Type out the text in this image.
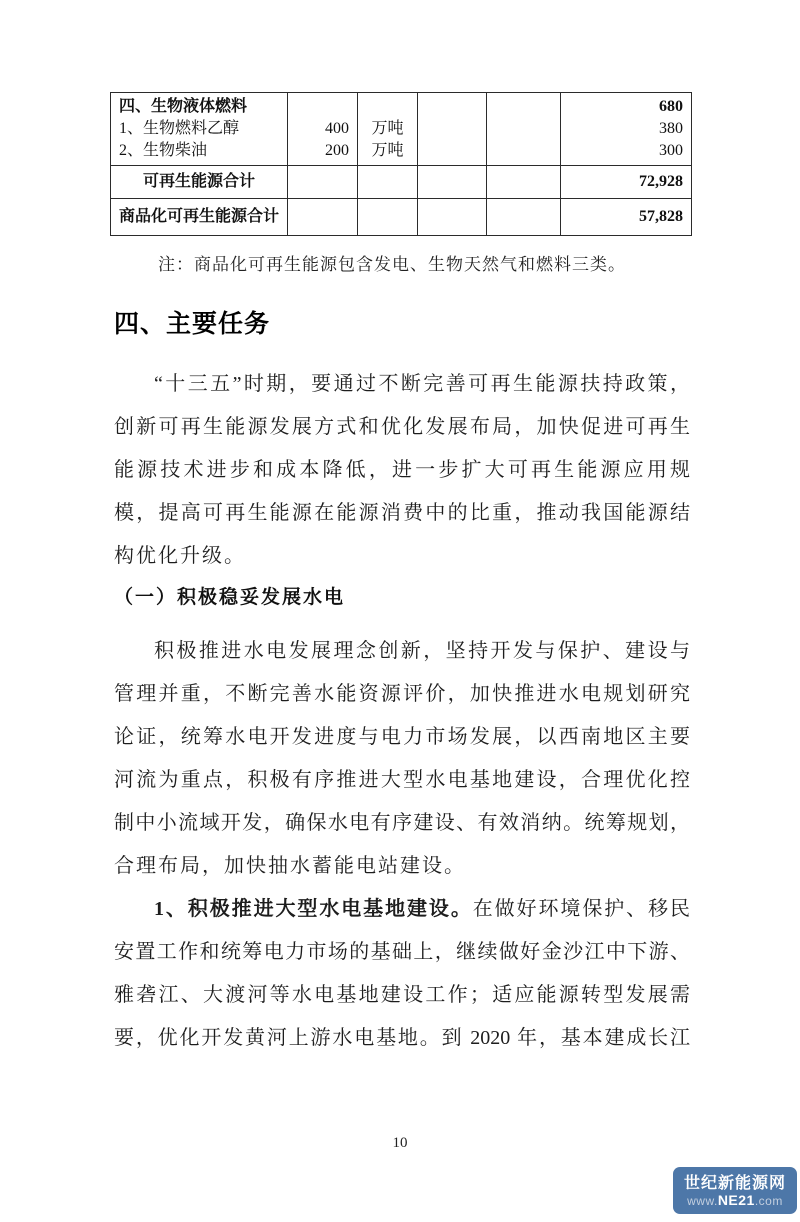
四、生物液体燃料					680
1、生物燃料乙醇	400	万吨			380
2、生物柴油	200	万吨			300
可再生能源合计					72,928
商品化可再生能源合计					57,828
注：商品化可再生能源包含发电、生物天然气和燃料三类。
四、主要任务
“十三五”时期，要通过不断完善可再生能源扶持政策，
创新可再生能源发展方式和优化发展布局，加快促进可再生
能源技术进步和成本降低，进一步扩大可再生能源应用规
模，提高可再生能源在能源消费中的比重，推动我国能源结
构优化升级。
（一）积极稳妥发展水电
积极推进水电发展理念创新，坚持开发与保护、建设与
管理并重，不断完善水能资源评价，加快推进水电规划研究
论证，统筹水电开发进度与电力市场发展，以西南地区主要
河流为重点，积极有序推进大型水电基地建设，合理优化控
制中小流域开发，确保水电有序建设、有效消纳。统筹规划，
合理布局，加快抽水蓄能电站建设。
1、积极推进大型水电基地建设。在做好环境保护、移民
安置工作和统筹电力市场的基础上，继续做好金沙江中下游、
雅砻江、大渡河等水电基地建设工作；适应能源转型发展需
要，优化开发黄河上游水电基地。到 2020 年，基本建成长江
10
世纪新能源网
www.NE21.com
